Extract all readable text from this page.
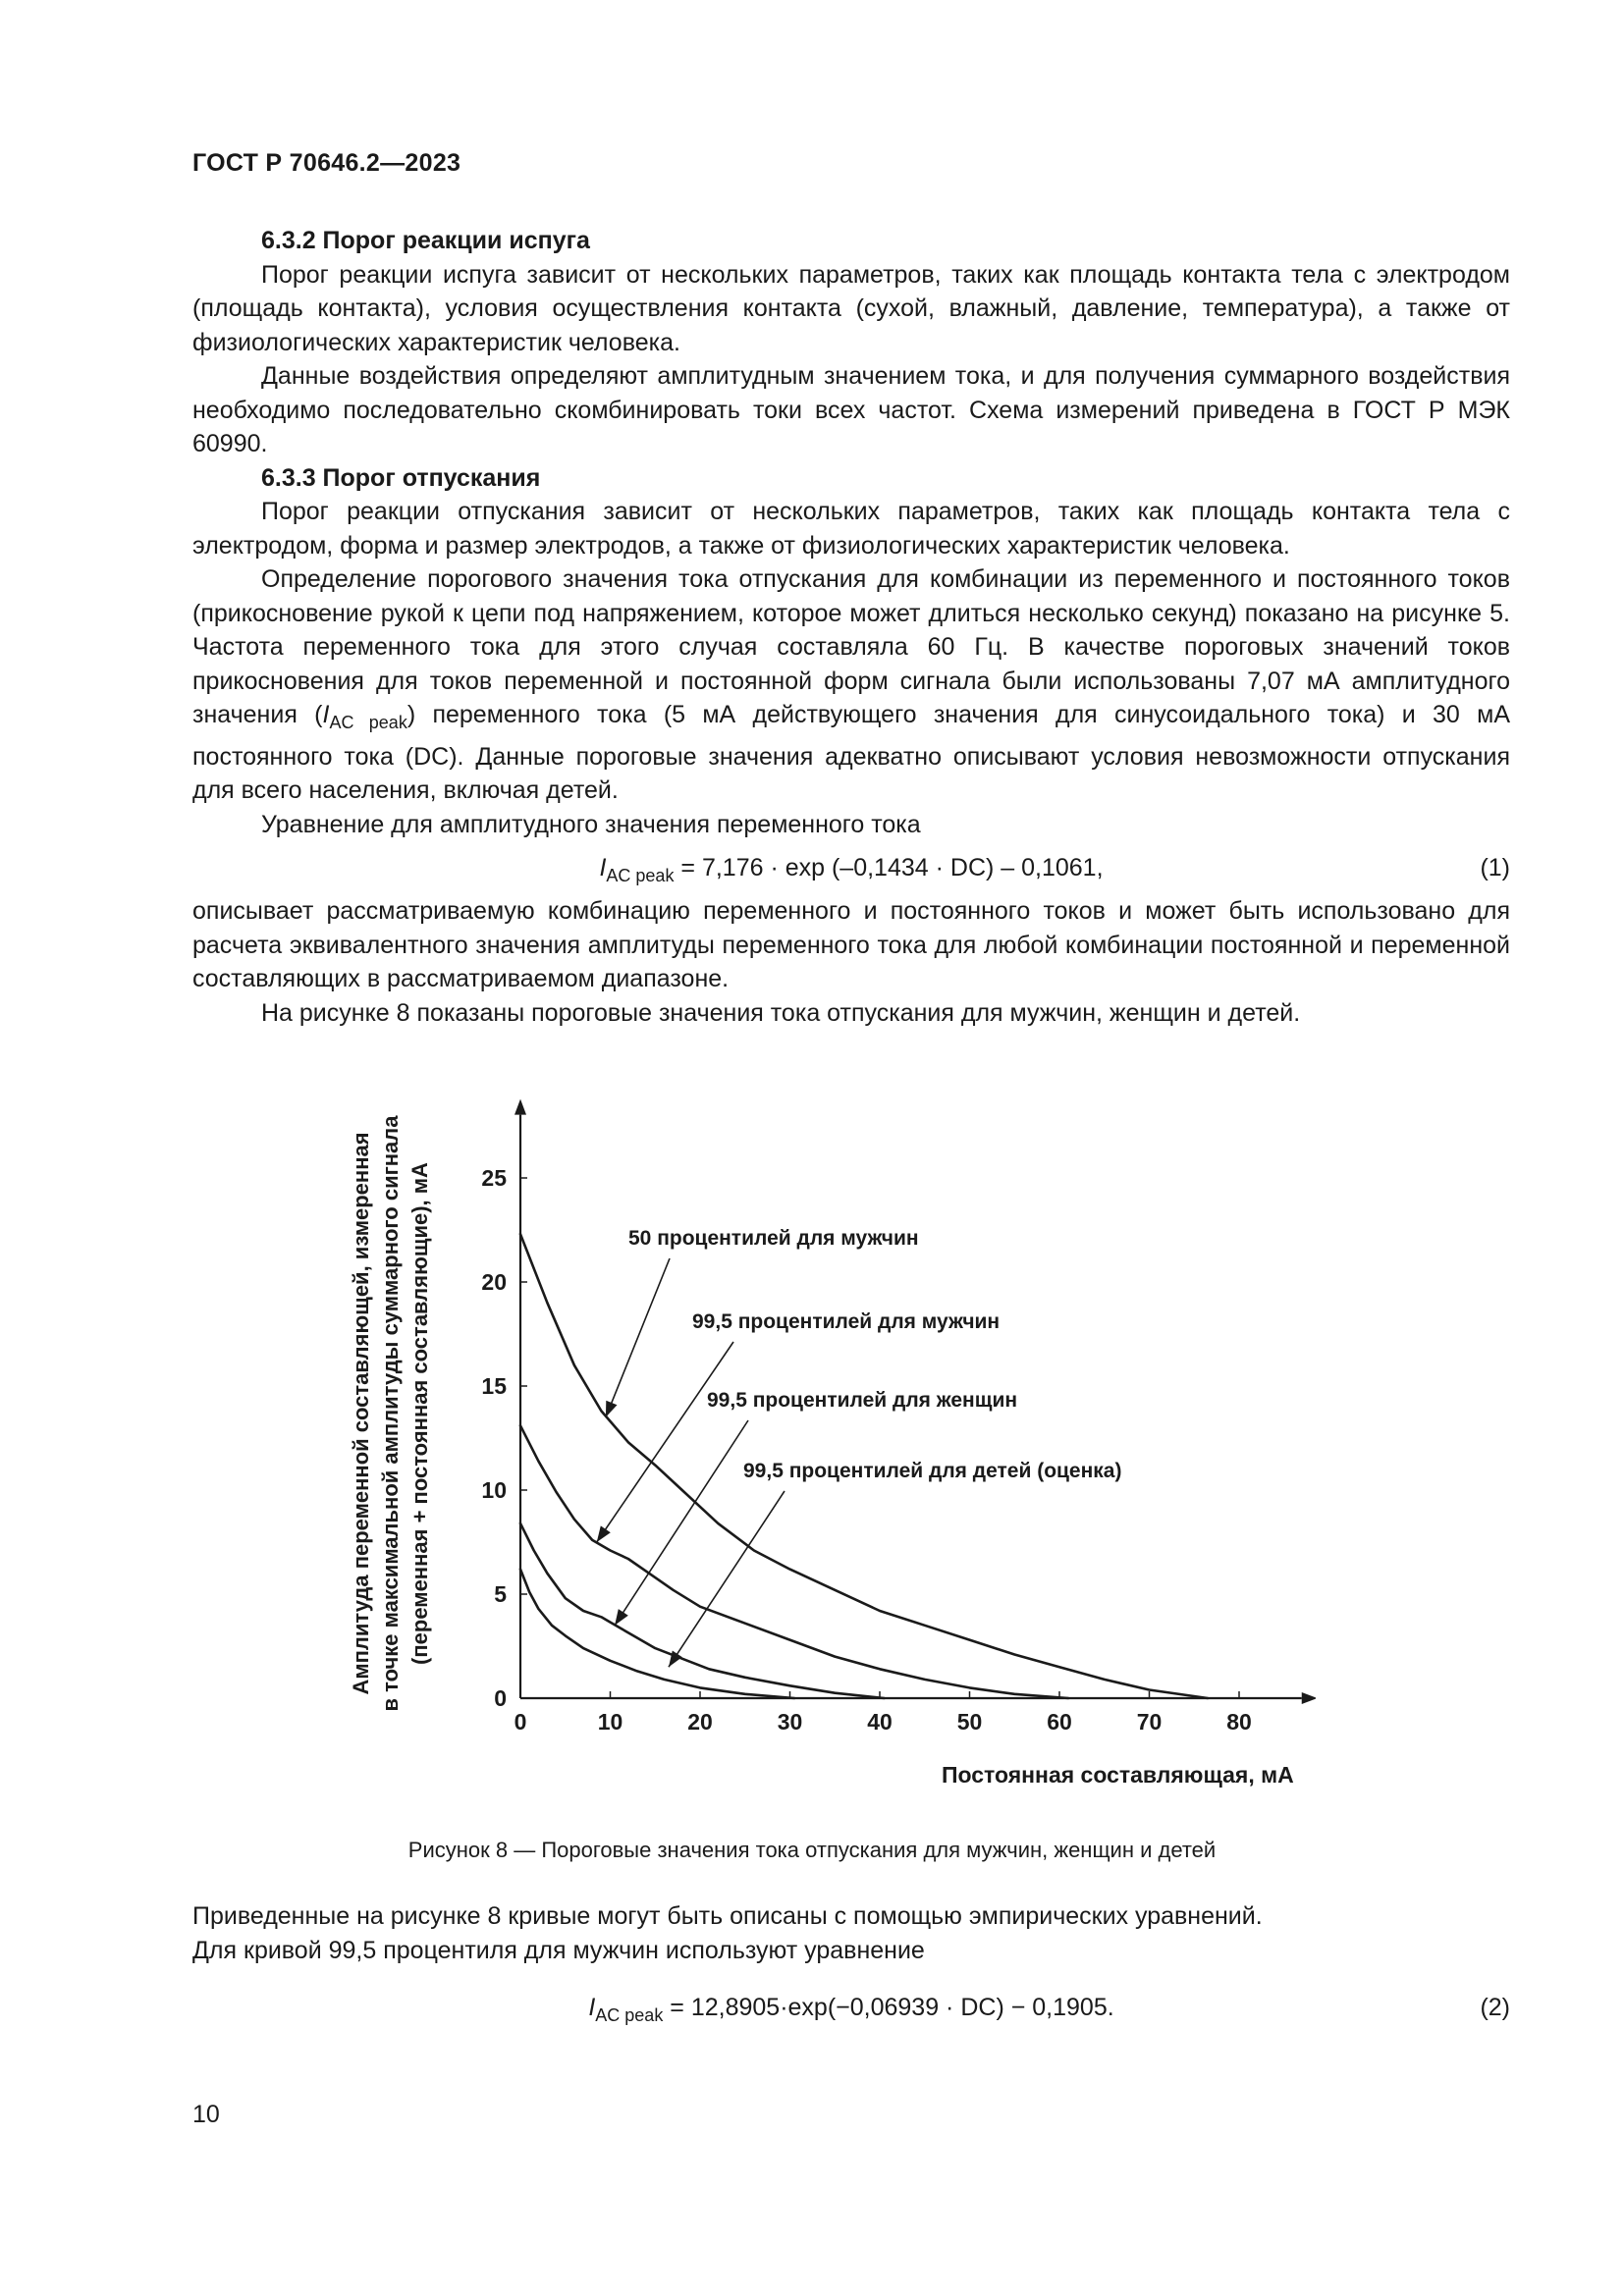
ГОСТ Р 70646.2—2023

6.3.2 Порог реакции испуга

Порог реакции испуга зависит от нескольких параметров, таких как площадь контакта тела с электродом (площадь контакта), условия осуществления контакта (сухой, влажный, давление, температура), а также от физиологических характеристик человека.

Данные воздействия определяют амплитудным значением тока, и для получения суммарного воздействия необходимо последовательно скомбинировать токи всех частот. Схема измерений приведена в ГОСТ Р МЭК 60990.

6.3.3 Порог отпускания

Порог реакции отпускания зависит от нескольких параметров, таких как площадь контакта тела с электродом, форма и размер электродов, а также от физиологических характеристик человека.

Определение порогового значения тока отпускания для комбинации из переменного и постоянного токов (прикосновение рукой к цепи под напряжением, которое может длиться несколько секунд) показано на рисунке 5. Частота переменного тока для этого случая составляла 60 Гц. В качестве пороговых значений токов прикосновения для токов переменной и постоянной форм сигнала были использованы 7,07 мА амплитудного значения $(I_{AC peak})$ переменного тока (5 мА действующего значения для синусоидального тока) и 30 мА постоянного тока (DC). Данные пороговые значения адекватно описывают условия невозможности отпускания для всего населения, включая детей.

Уравнение для амплитудного значения переменного тока

$I_{AC peak} = 7,176 \cdot \exp (-0,1434 \cdot DC) - 0,1061$,	(1)

описывает рассматриваемую комбинацию переменного и постоянного токов и может быть использовано для расчета эквивалентного значения амплитуды переменного тока для любой комбинации постоянной и переменной составляющих в рассматриваемом диапазоне.

На рисунке 8 показаны пороговые значения тока отпускания для мужчин, женщин и детей.

0	10	20	30	40	50	60	70	80
0
5
10
15
20
25
Постоянная составляющая, мА
Амплитуда переменной составляющей, измеренная в точке максимальной амплитуды суммарного сигнала (переменная + постоянная составляющие), мА	50 процентилей для мужчин
99,5 процентилей для мужчин
99,5 процентилей для женщин
99,5 процентилей для детей (оценка)
Рисунок 8 — Пороговые значения тока отпускания для мужчин, женщин и детей

Приведенные на рисунке 8 кривые могут быть описаны с помощью эмпирических уравнений.

Для кривой 99,5 процентиля для мужчин используют уравнение

$I_{AC peak} = 12,8905\cdot\exp(-0,06939 \cdot DC) - 0,1905$.	(2)
10
